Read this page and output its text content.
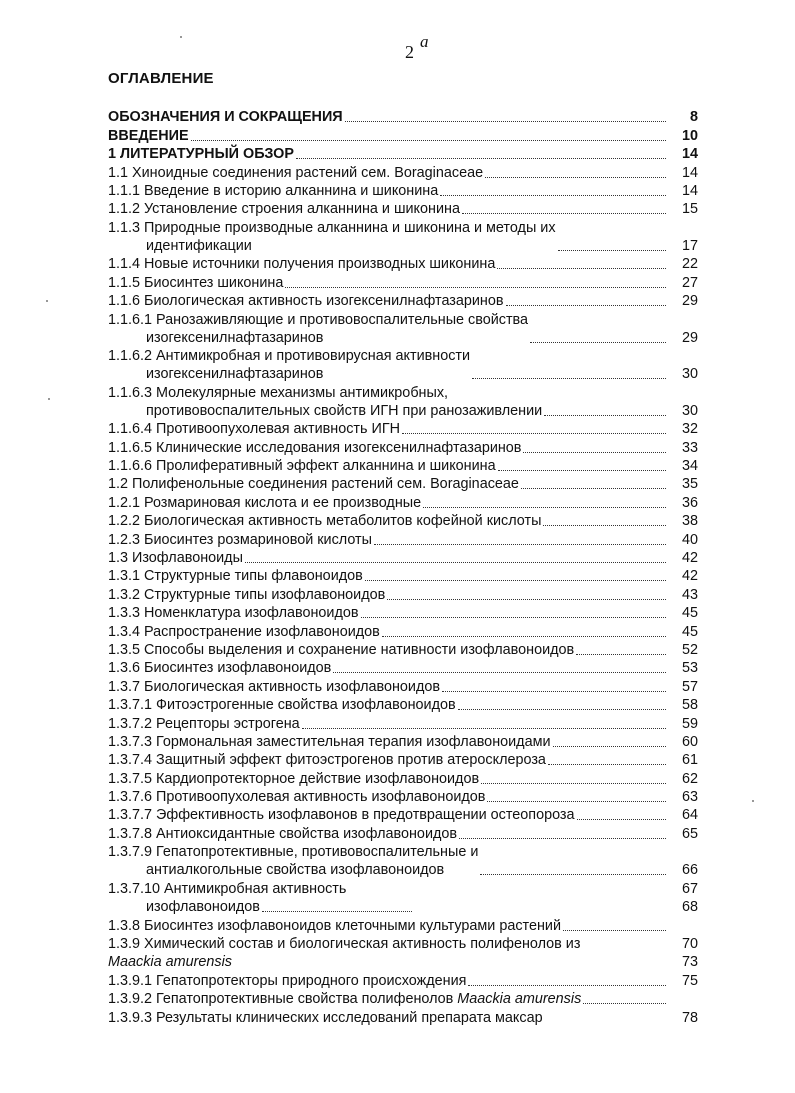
2
a
ОГЛАВЛЕНИЕ
ОБОЗНАЧЕНИЯ И СОКРАЩЕНИЯ	8
ВВЕДЕНИЕ	10
1 ЛИТЕРАТУРНЫЙ ОБЗОР	14
1.1 Хиноидные соединения растений сем. Boraginaceae	14
1.1.1 Введение в историю алканнина и шиконина	14
1.1.2 Установление строения алканнина и шиконина	15
1.1.3 Природные производные алканнина и шиконина и методы их
идентификации	17
1.1.4 Новые источники получения производных шиконина	22
1.1.5 Биосинтез шиконина	27
1.1.6 Биологическая активность изогексенилнафтазаринов	29
1.1.6.1 Ранозаживляющие и противовоспалительные свойства
изогексенилнафтазаринов	29
1.1.6.2 Антимикробная и противовирусная активности
изогексенилнафтазаринов	30
1.1.6.3 Молекулярные механизмы антимикробных,
противовоспалительных свойств ИГН при ранозаживлении	30
1.1.6.4 Противоопухолевая активность ИГН	32
1.1.6.5 Клинические исследования изогексенилнафтазаринов	33
1.1.6.6 Пролиферативный эффект алканнина и шиконина	34
1.2 Полифенольные соединения растений сем. Boraginaceae	35
1.2.1 Розмариновая кислота и ее производные	36
1.2.2 Биологическая активность метаболитов кофейной кислоты	38
1.2.3 Биосинтез розмариновой кислоты	40
1.3 Изофлавоноиды	42
1.3.1 Структурные типы флавоноидов	42
1.3.2 Структурные типы изофлавоноидов	43
1.3.3 Номенклатура изофлавоноидов	45
1.3.4 Распространение изофлавоноидов	45
1.3.5 Способы выделения и сохранение нативности изофлавоноидов	52
1.3.6 Биосинтез изофлавоноидов	53
1.3.7 Биологическая активность изофлавоноидов	57
1.3.7.1 Фитоэстрогенные свойства изофлавоноидов	58
1.3.7.2 Рецепторы эстрогена	59
1.3.7.3 Гормональная заместительная терапия изофлавоноидами	60
1.3.7.4 Защитный эффект фитоэстрогенов против атеросклероза	61
1.3.7.5 Кардиопротекторное действие изофлавоноидов	62
1.3.7.6 Противоопухолевая активность изофлавоноидов	63
1.3.7.7 Эффективность изофлавонов в предотвращении остеопороза	64
1.3.7.8 Антиоксидантные свойства изофлавоноидов	65
1.3.7.9 Гепатопротективные, противовоспалительные и
антиалкогольные свойства изофлавоноидов	66
1.3.7.10 Антимикробная активность	67
изофлавоноидов	68
1.3.8 Биосинтез изофлавоноидов клеточными культурами растений
1.3.9 Химический состав и биологическая активность полифенолов из	70
Maackia amurensis	73
1.3.9.1 Гепатопротекторы природного происхождения	75
1.3.9.2 Гепатопротективные свойства полифенолов Maackia amurensis
1.3.9.3 Результаты клинических исследований препарата максар	78
